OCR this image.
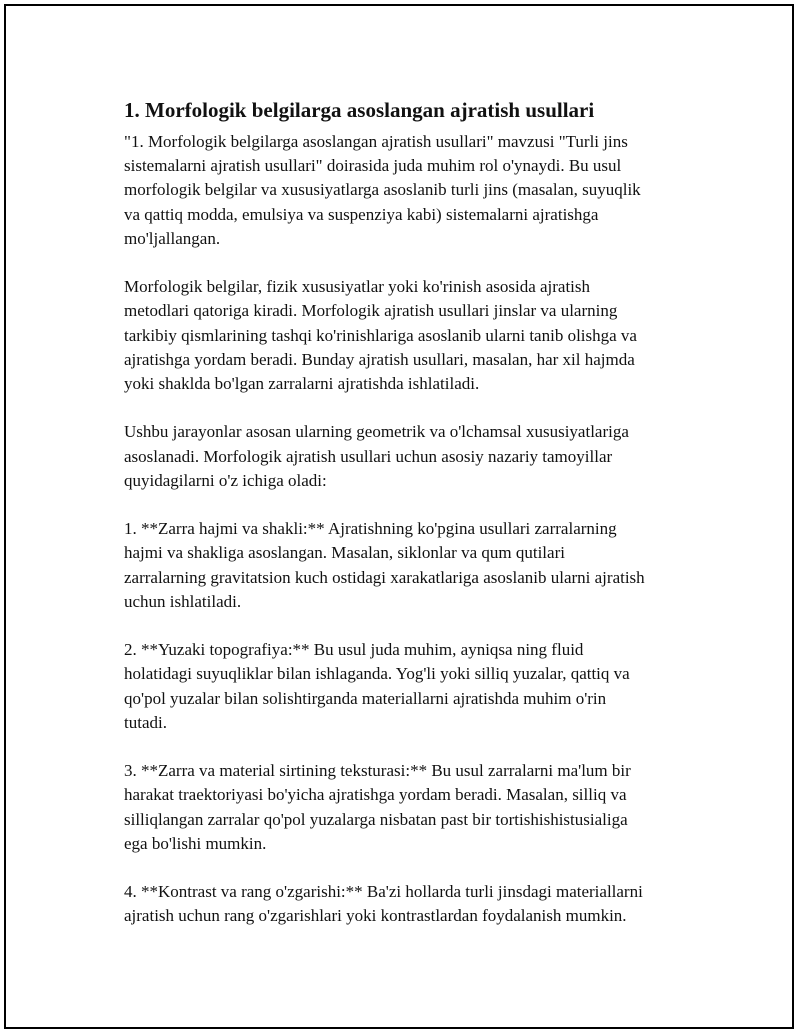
1. Morfologik belgilarga asoslangan ajratish usullari

"1. Morfologik belgilarga asoslangan ajratish usullari" mavzusi "Turli jins
sistemalarni ajratish usullari" doirasida juda muhim rol o'ynaydi. Bu usul
morfologik belgilar va xususiyatlarga asoslanib turli jins (masalan, suyuqlik
va qattiq modda, emulsiya va suspenziya kabi) sistemalarni ajratishga
mo'ljallangan.

Morfologik belgilar, fizik xususiyatlar yoki ko'rinish asosida ajratish
metodlari qatoriga kiradi. Morfologik ajratish usullari jinslar va ularning
tarkibiy qismlarining tashqi ko'rinishlariga asoslanib ularni tanib olishga va
ajratishga yordam beradi. Bunday ajratish usullari, masalan, har xil hajmda
yoki shaklda bo'lgan zarralarni ajratishda ishlatiladi.

Ushbu jarayonlar asosan ularning geometrik va o'lchamsal xususiyatlariga
asoslanadi. Morfologik ajratish usullari uchun asosiy nazariy tamoyillar
quyidagilarni o'z ichiga oladi:

1. **Zarra hajmi va shakli:** Ajratishning ko'pgina usullari zarralarning
hajmi va shakliga asoslangan. Masalan, siklonlar va qum qutilari
zarralarning gravitatsion kuch ostidagi xarakatlariga asoslanib ularni ajratish
uchun ishlatiladi.

2. **Yuzaki topografiya:** Bu usul juda muhim, ayniqsa ning fluid
holatidagi suyuqliklar bilan ishlaganda. Yog'li yoki silliq yuzalar, qattiq va
qo'pol yuzalar bilan solishtirganda materiallarni ajratishda muhim o'rin
tutadi.

3. **Zarra va material sirtining teksturasi:** Bu usul zarralarni ma'lum bir
harakat traektoriyasi bo'yicha ajratishga yordam beradi. Masalan, silliq va
silliqlangan zarralar qo'pol yuzalarga nisbatan past bir tortishishistusialiga
ega bo'lishi mumkin.

4. **Kontrast va rang o'zgarishi:** Ba'zi hollarda turli jinsdagi materiallarni
ajratish uchun rang o'zgarishlari yoki kontrastlardan foydalanish mumkin.
